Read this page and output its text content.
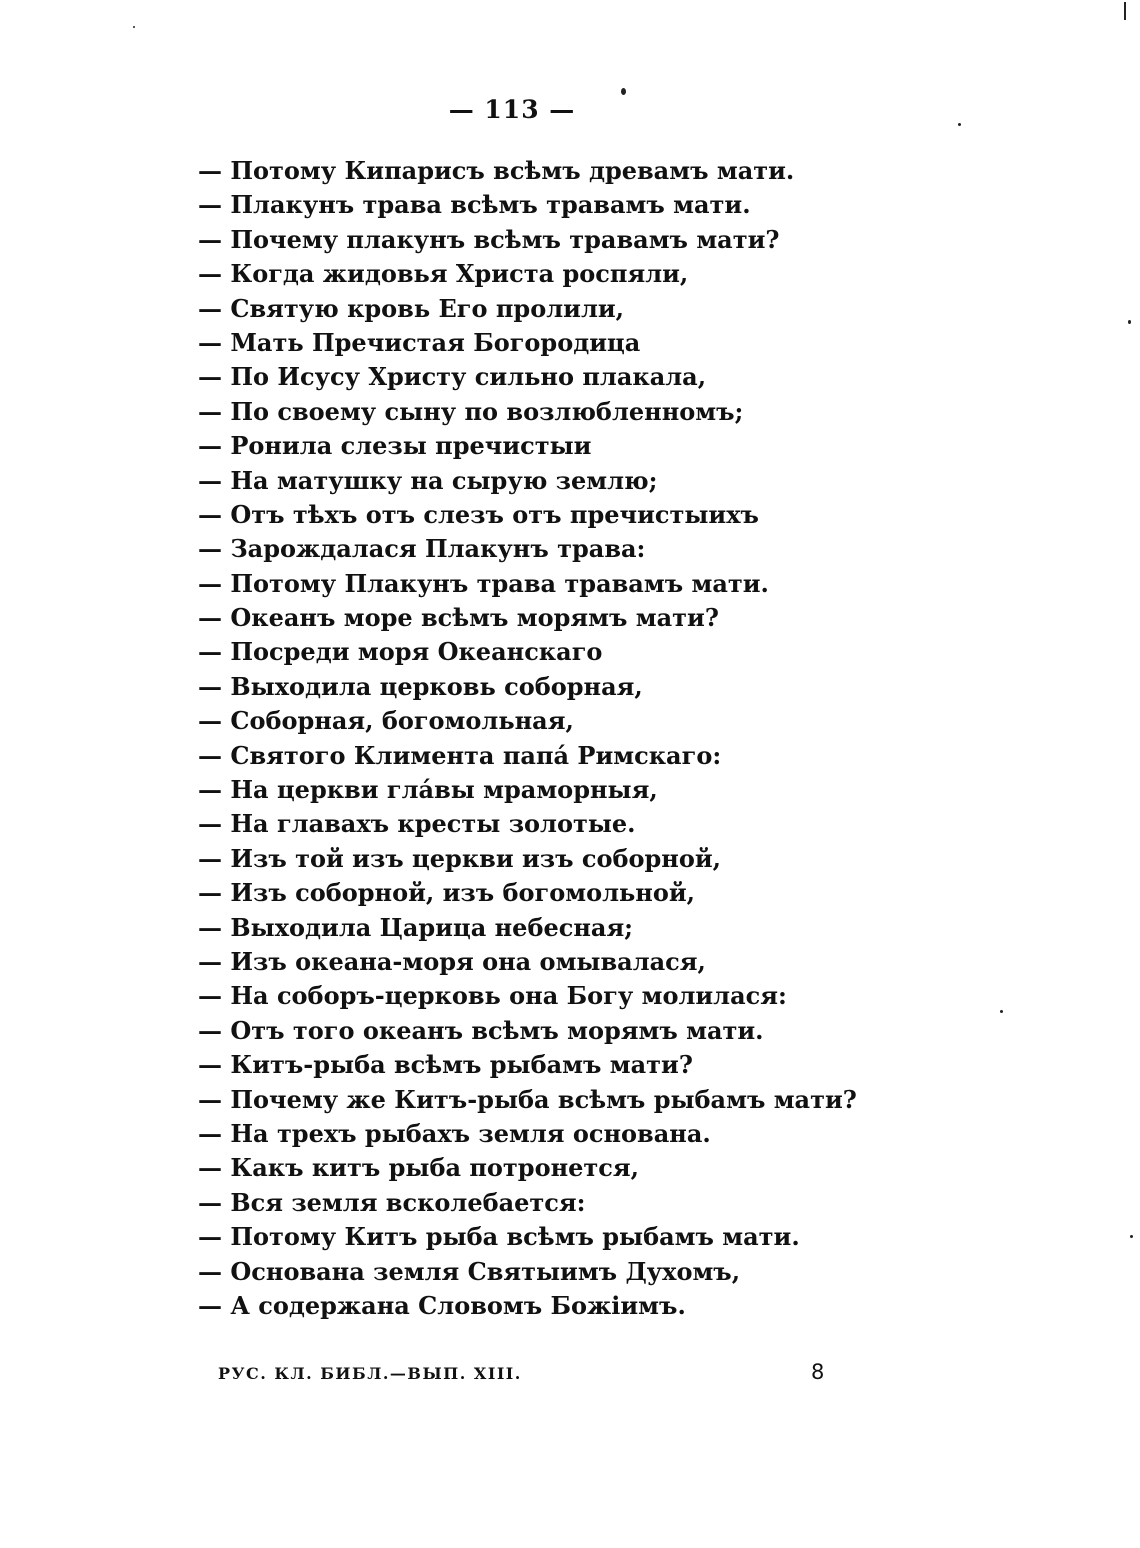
— 113 —
— Потому Кипарисъ всѣмъ древамъ мати.
— Плакунъ трава всѣмъ травамъ мати.
— Почему плакунъ всѣмъ травамъ мати?
— Когда жидовья Христа роспяли,
— Святую кровь Его пролили,
— Мать Пречистая Богородица
— По Исусу Христу сильно плакала,
— По своему сыну по возлюбленномъ;
— Ронила слезы пречистыи
— На матушку на сырую землю;
— Отъ тѣхъ отъ слезъ отъ пречистыихъ
— Зарождалася Плакунъ трава:
— Потому Плакунъ трава травамъ мати.
— Океанъ море всѣмъ морямъ мати?
— Посреди моря Океанскаго
— Выходила церковь соборная,
— Соборная, богомольная,
— Святого Климента папа́ Римскаго:
— На церкви гла́вы мраморныя,
— На главахъ кресты золотые.
— Изъ той изъ церкви изъ соборной,
— Изъ соборной, изъ богомольной,
— Выходила Царица небесная;
— Изъ океана-моря она омывалася,
— На соборъ-церковь она Богу молилася:
— Отъ того океанъ всѣмъ морямъ мати.
— Китъ-рыба всѣмъ рыбамъ мати?
— Почему же Китъ-рыба всѣмъ рыбамъ мати?
— На трехъ рыбахъ земля основана.
— Какъ китъ рыба потронется,
— Вся земля всколебается:
— Потому Китъ рыба всѣмъ рыбамъ мати.
— Основана земля Святыимъ Духомъ,
— А содержана Словомъ Божіимъ.
РУС. КЛ. БИБЛ.—ВЫП. XIII.	8
